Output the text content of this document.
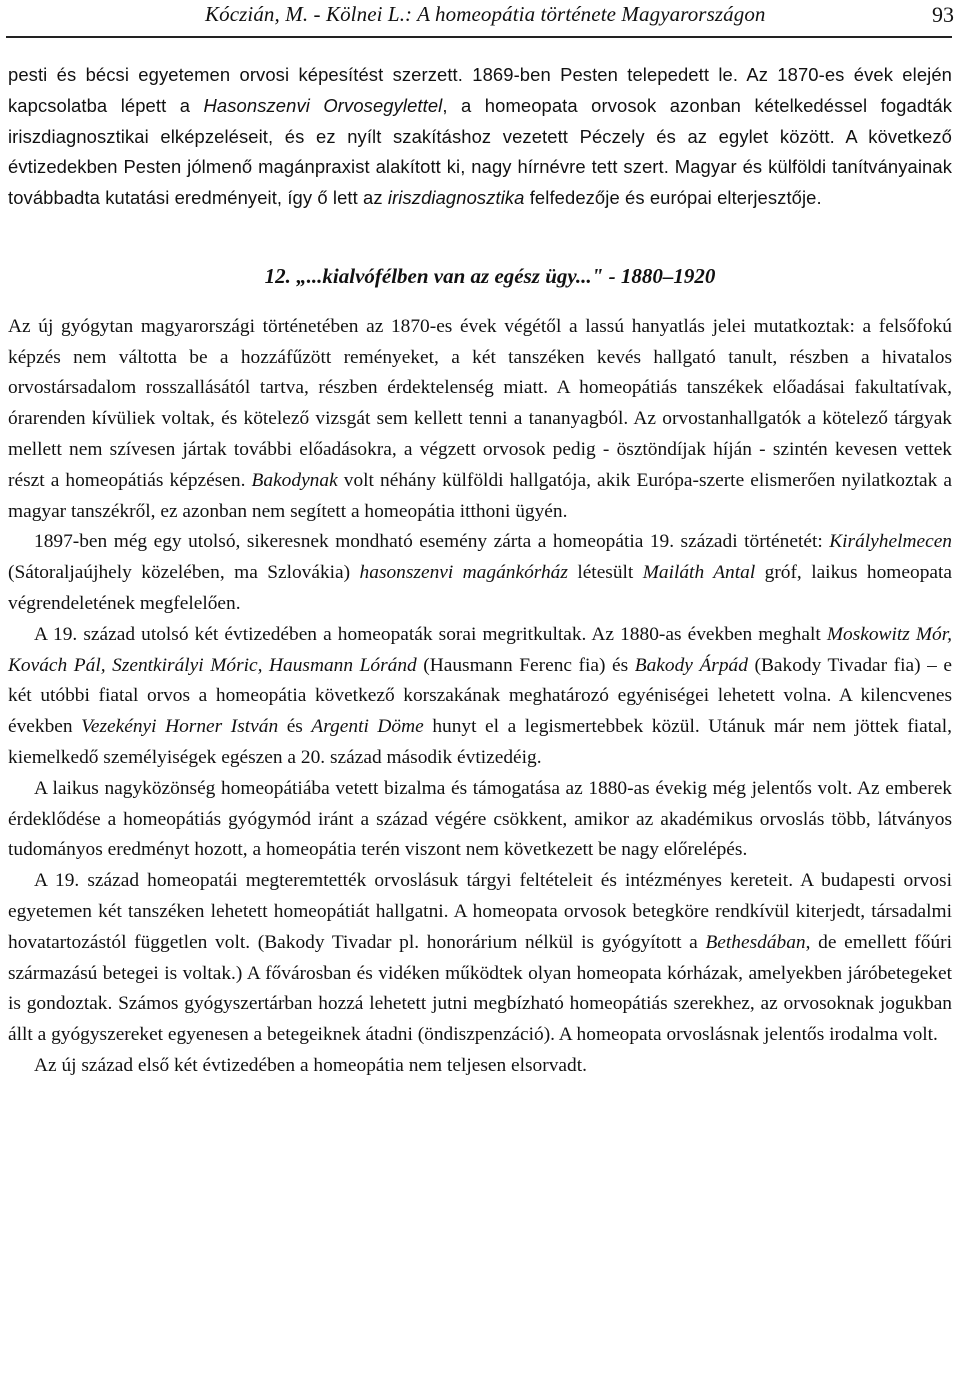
Kóczián, M. - Kölnei L.: A homeopátia története Magyarországon	93

pesti és bécsi egyetemen orvosi képesítést szerzett. 1869-ben Pesten telepedett le. Az 1870-es évek elején kapcsolatba lépett a Hasonszenvi Orvosegylettel, a homeopata orvosok azonban kételkedéssel fogadták iriszdiagnosztikai elképzeléseit, és ez nyílt szakításhoz vezetett Péczely és az egylet között. A következő évtizedekben Pesten jólmenő magánpraxist alakított ki, nagy hírnévre tett szert. Magyar és külföldi tanítványainak továbbadta kutatási eredményeit, így ő lett az iriszdiagnosztika felfedezője és európai elterjesztője.

12. „...kialvófélben van az egész ügy..." - 1880–1920

Az új gyógytan magyarországi történetében az 1870-es évek végétől a lassú hanyatlás jelei mutatkoztak: a felsőfokú képzés nem váltotta be a hozzáfűzött reményeket, a két tanszéken kevés hallgató tanult, részben a hivatalos orvostársadalom rosszallásától tartva, részben érdektelenség miatt. A homeopátiás tanszékek előadásai fakultatívak, órarenden kívüliek voltak, és kötelező vizsgát sem kellett tenni a tananyagból. Az orvostanhallgatók a kötelező tárgyak mellett nem szívesen jártak további előadásokra, a végzett orvosok pedig - ösztöndíjak híján - szintén kevesen vettek részt a homeopátiás képzésen. Bakodynak volt néhány külföldi hallgatója, akik Európa-szerte elismerően nyilatkoztak a magyar tanszékről, ez azonban nem segített a homeopátia itthoni ügyén.

1897-ben még egy utolsó, sikeresnek mondható esemény zárta a homeopátia 19. századi történetét: Királyhelmecen (Sátoraljaújhely közelében, ma Szlovákia) hasonszenvi magánkórház létesült Mailáth Antal gróf, laikus homeopata végrendeletének megfelelően.

A 19. század utolsó két évtizedében a homeopaták sorai megritkultak. Az 1880-as években meghalt Moskowitz Mór, Kovách Pál, Szentkirályi Móric, Hausmann Lóránd (Hausmann Ferenc fia) és Bakody Árpád (Bakody Tivadar fia) – e két utóbbi fiatal orvos a homeopátia következő korszakának meghatározó egyéniségei lehetett volna. A kilencvenes években Vezekényi Horner István és Argenti Döme hunyt el a legismertebbek közül. Utánuk már nem jöttek fiatal, kiemelkedő személyiségek egészen a 20. század második évtizedéig.

A laikus nagyközönség homeopátiába vetett bizalma és támogatása az 1880-as évekig még jelentős volt. Az emberek érdeklődése a homeopátiás gyógymód iránt a század végére csökkent, amikor az akadémikus orvoslás több, látványos tudományos eredményt hozott, a homeopátia terén viszont nem következett be nagy előrelépés.

A 19. század homeopatái megteremtették orvoslásuk tárgyi feltételeit és intézményes kereteit. A budapesti orvosi egyetemen két tanszéken lehetett homeopátiát hallgatni. A homeopata orvosok betegköre rendkívül kiterjedt, társadalmi hovatartozástól független volt. (Bakody Tivadar pl. honorárium nélkül is gyógyított a Bethesdában, de emellett főúri származású betegei is voltak.) A fővárosban és vidéken működtek olyan homeopata kórházak, amelyekben járóbetegeket is gondoztak. Számos gyógyszertárban hozzá lehetett jutni megbízható homeopátiás szerekhez, az orvosoknak jogukban állt a gyógyszereket egyenesen a betegeiknek átadni (öndiszpenzáció). A homeopata orvoslásnak jelentős irodalma volt.

Az új század első két évtizedében a homeopátia nem teljesen elsorvadt.
